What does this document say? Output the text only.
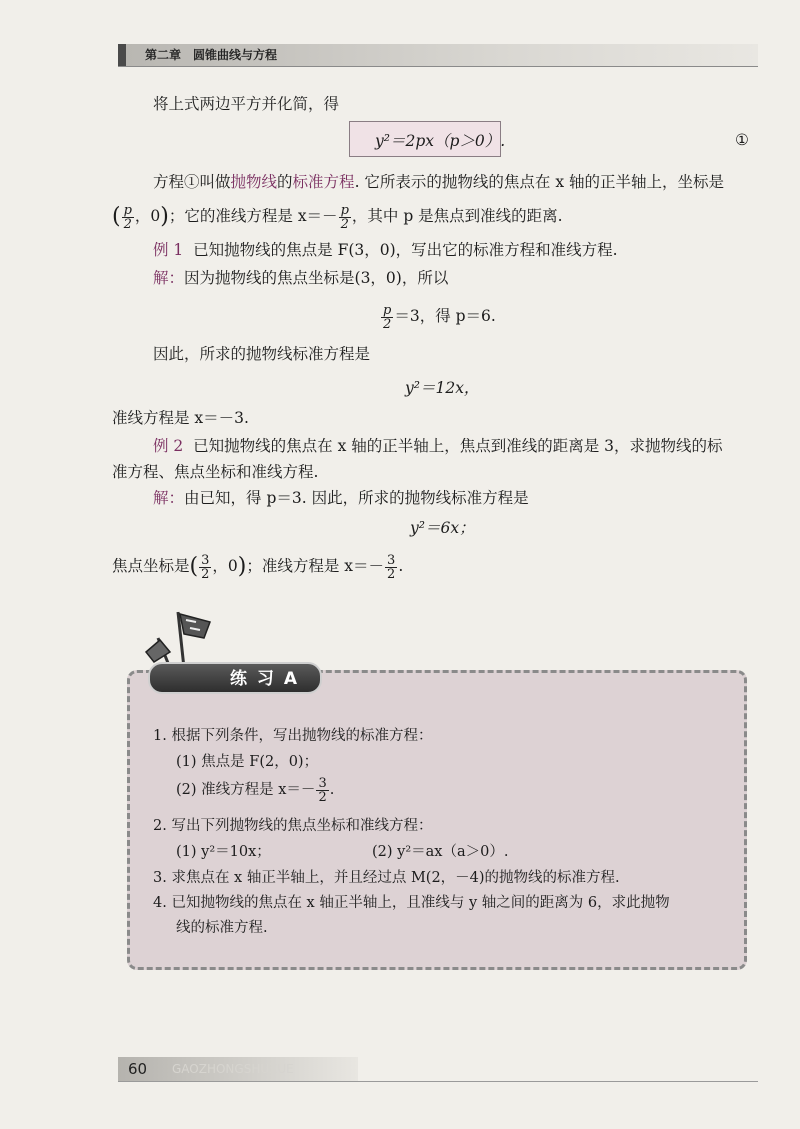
第二章　圆锥曲线与方程
将上式两边平方并化简，得
y²＝2px（p＞0）.	①
方程①叫做抛物线的标准方程. 它所表示的抛物线的焦点在 x 轴的正半轴上，坐标是
( $\frac{p}{2}$ ，0)；它的准线方程是 $x=- \frac{p}{2}$ ，其中 p 是焦点到准线的距离.
例 1 已知抛物线的焦点是 F(3，0)，写出它的标准方程和准线方程.
解：因为抛物线的焦点坐标是(3，0)，所以
$\frac{p}{2} =3$，得 p＝6.
因此，所求的抛物线标准方程是
y²＝12x，
准线方程是 x＝－3.
例 2 已知抛物线的焦点在 x 轴的正半轴上，焦点到准线的距离是 3，求抛物线的标
准方程、焦点坐标和准线方程.
解：由已知，得 p＝3. 因此，所求的抛物线标准方程是
y²＝6x；
焦点坐标是( $\frac{3}{2}$ ，0)；准线方程是 $x=- \frac{3}{2}$ .
练 习 A
1. 根据下列条件，写出抛物线的标准方程：
(1) 焦点是 F(2，0)；
(2) 准线方程是 $x=- \frac{3}{2}$ .
2. 写出下列抛物线的焦点坐标和准线方程：
(1) y²＝10x；	(2) y²＝ax（a＞0）.
3. 求焦点在 x 轴正半轴上，并且经过点 M(2，－4)的抛物线的标准方程.
4. 已知抛物线的焦点在 x 轴正半轴上，且准线与 y 轴之间的距离为 6，求此抛物
线的标准方程.
60 GAOZHONGSHUXUE
